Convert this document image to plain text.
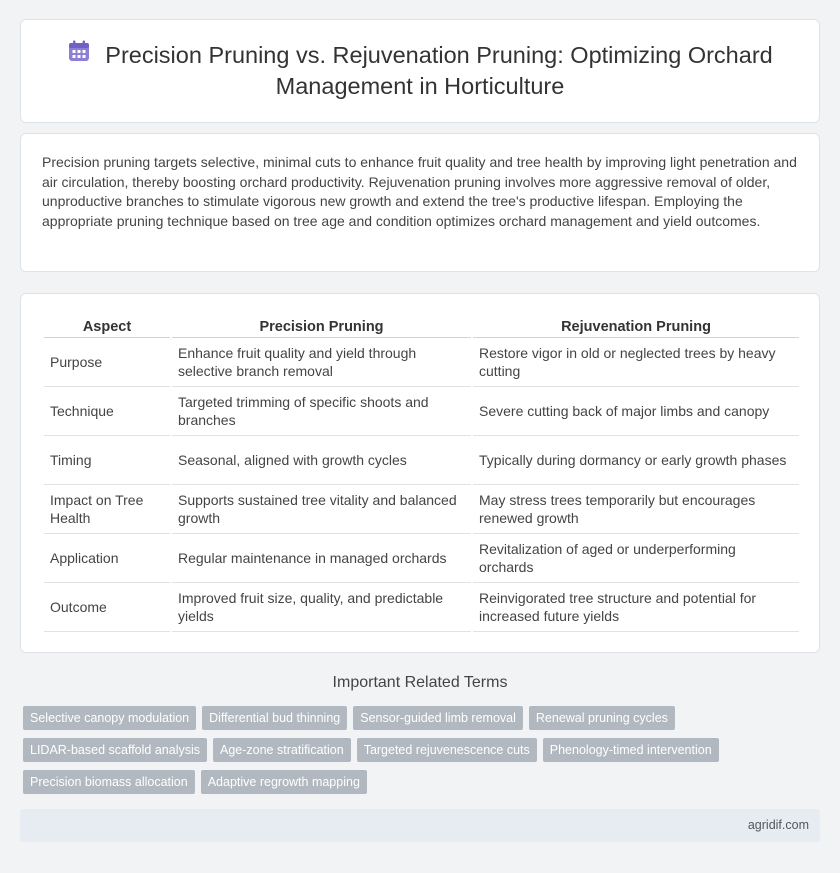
Precision Pruning vs. Rejuvenation Pruning: Optimizing Orchard Management in Horticulture

Precision pruning targets selective, minimal cuts to enhance fruit quality and tree health by improving light penetration and air circulation, thereby boosting orchard productivity. Rejuvenation pruning involves more aggressive removal of older, unproductive branches to stimulate vigorous new growth and extend the tree's productive lifespan. Employing the appropriate pruning technique based on tree age and condition optimizes orchard management and yield outcomes.

Aspect	Precision Pruning	Rejuvenation Pruning
Purpose	Enhance fruit quality and yield through selective branch removal	Restore vigor in old or neglected trees by heavy cutting
Technique	Targeted trimming of specific shoots and branches	Severe cutting back of major limbs and canopy
Timing	Seasonal, aligned with growth cycles	Typically during dormancy or early growth phases
Impact on Tree Health	Supports sustained tree vitality and balanced growth	May stress trees temporarily but encourages renewed growth
Application	Regular maintenance in managed orchards	Revitalization of aged or underperforming orchards
Outcome	Improved fruit size, quality, and predictable yields	Reinvigorated tree structure and potential for increased future yields
Important Related Terms
Selective canopy modulation	Differential bud thinning	Sensor-guided limb removal	Renewal pruning cycles
LIDAR-based scaffold analysis	Age-zone stratification	Targeted rejuvenescence cuts	Phenology-timed intervention
Precision biomass allocation	Adaptive regrowth mapping
agridif.com
